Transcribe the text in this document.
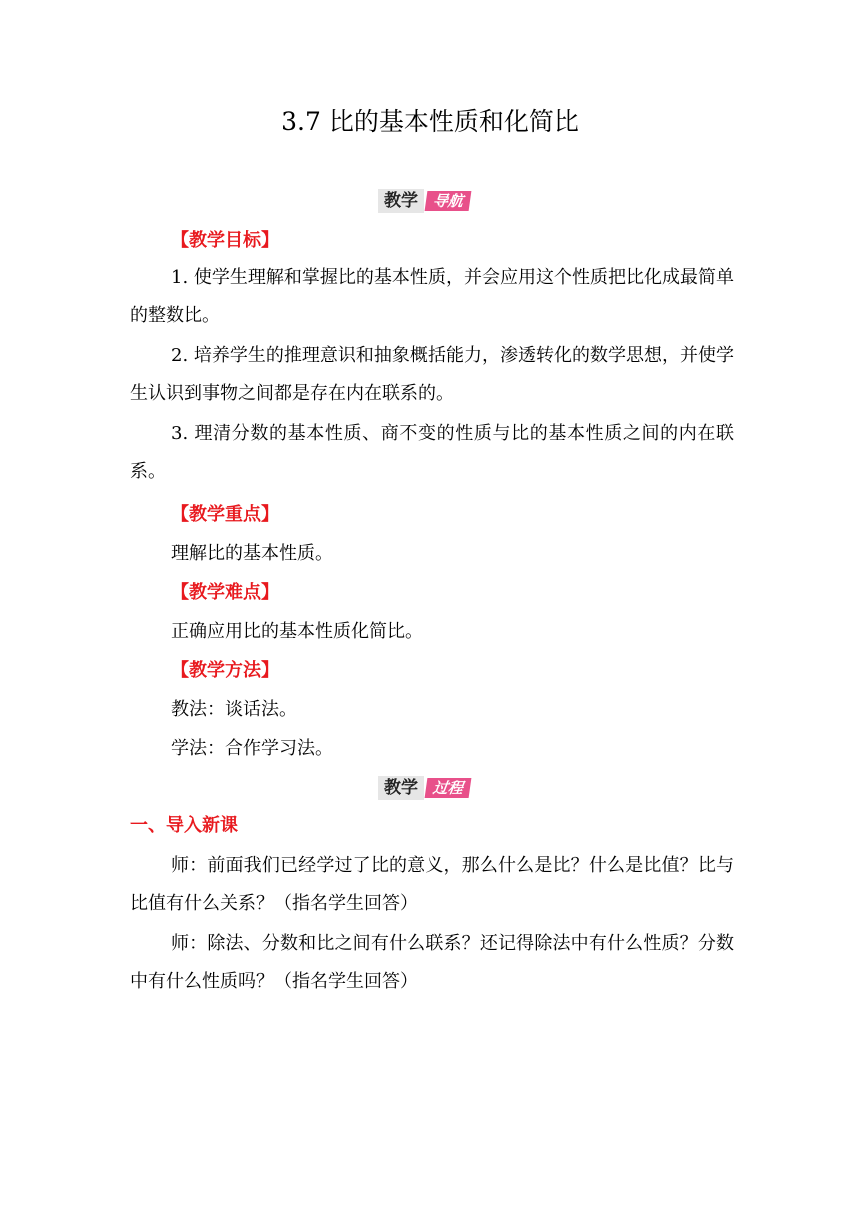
3.7 比的基本性质和化简比
教学 导航
【教学目标】

1. 使学生理解和掌握比的基本性质，并会应用这个性质把比化成最简单的整数比。

2. 培养学生的推理意识和抽象概括能力，渗透转化的数学思想，并使学生认识到事物之间都是存在内在联系的。

3. 理清分数的基本性质、商不变的性质与比的基本性质之间的内在联系。

【教学重点】
理解比的基本性质。
【教学难点】
正确应用比的基本性质化简比。
【教学方法】
教法：谈话法。
学法：合作学习法。
教学 过程
一、导入新课

师：前面我们已经学过了比的意义，那么什么是比？什么是比值？比与比值有什么关系？（指名学生回答）

师：除法、分数和比之间有什么联系？还记得除法中有什么性质？分数中有什么性质吗？（指名学生回答）
